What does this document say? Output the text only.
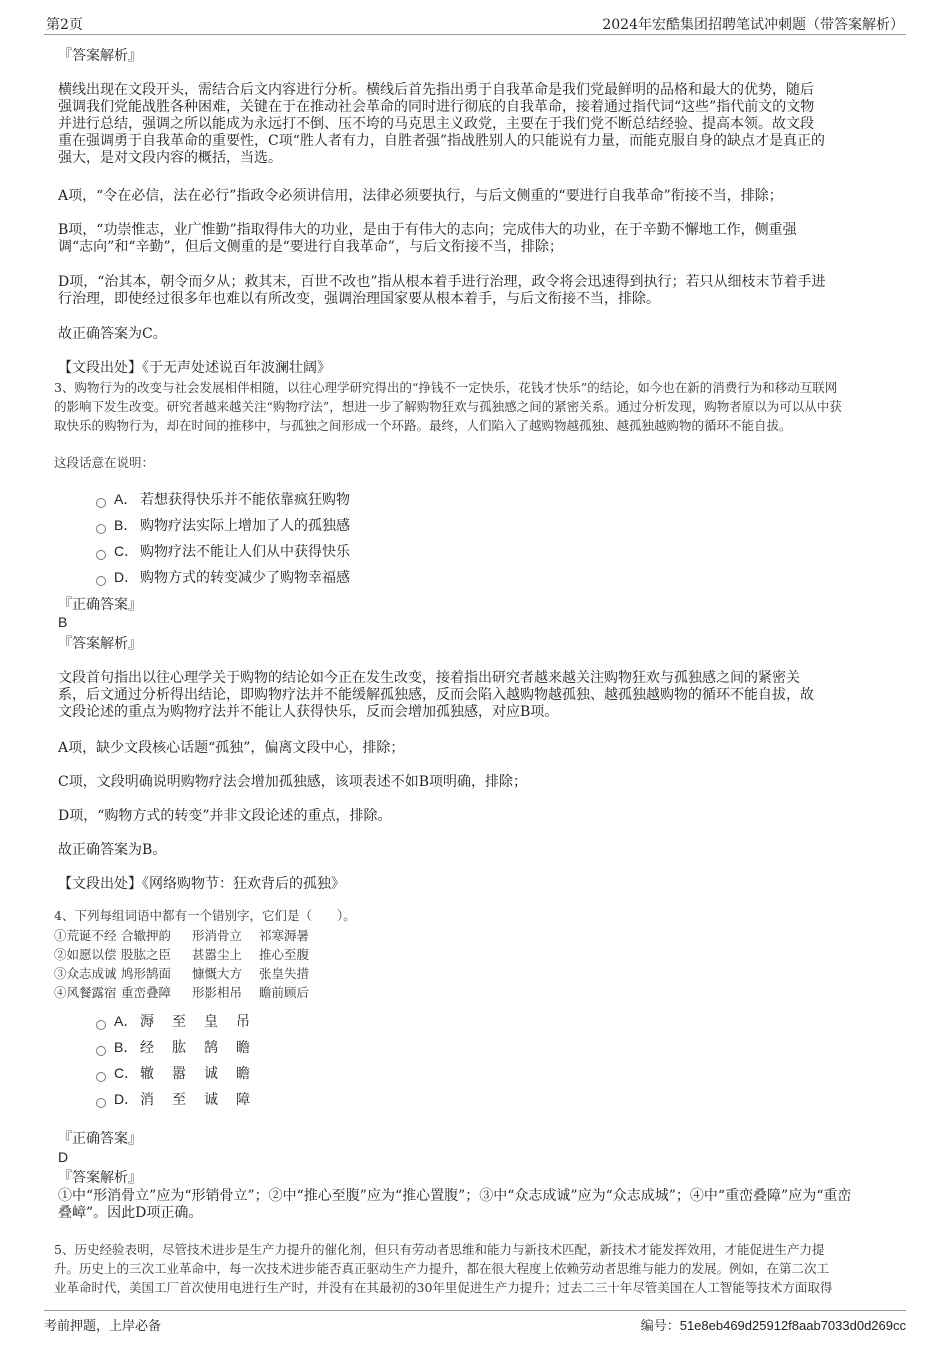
第2页	2024年宏酷集团招聘笔试冲刺题（带答案解析）
『答案解析』
横线出现在文段开头，需结合后文内容进行分析。横线后首先指出勇于自我革命是我们党最鲜明的品格和最大的优势，随后
强调我们党能战胜各种困难，关键在于在推动社会革命的同时进行彻底的自我革命，接着通过指代词“这些”指代前文的文物
并进行总结，强调之所以能成为永远打不倒、压不垮的马克思主义政党，主要在于我们党不断总结经验、提高本领。故文段
重在强调勇于自我革命的重要性，C项“胜人者有力，自胜者强”指战胜别人的只能说有力量，而能克服自身的缺点才是真正的
强大，是对文段内容的概括，当选。
A项，“令在必信，法在必行”指政令必须讲信用，法律必须要执行，与后文侧重的“要进行自我革命”衔接不当，排除；
B项，“功崇惟志，业广惟勤”指取得伟大的功业，是由于有伟大的志向；完成伟大的功业，在于辛勤不懈地工作，侧重强
调“志向”和“辛勤”，但后文侧重的是“要进行自我革命”，与后文衔接不当，排除；
D项，“治其本，朝令而夕从；救其末，百世不改也”指从根本着手进行治理，政令将会迅速得到执行；若只从细枝末节着手进
行治理，即使经过很多年也难以有所改变，强调治理国家要从根本着手，与后文衔接不当，排除。
故正确答案为C。
【文段出处】《于无声处述说百年波澜壮阔》
3、购物行为的改变与社会发展相伴相随，以往心理学研究得出的“挣钱不一定快乐，花钱才快乐”的结论，如今也在新的消费行为和移动互联网
的影响下发生改变。研究者越来越关注“购物疗法”，想进一步了解购物狂欢与孤独感之间的紧密关系。通过分析发现，购物者原以为可以从中获
取快乐的购物行为，却在时间的推移中，与孤独之间形成一个环路。最终，人们陷入了越购物越孤独、越孤独越购物的循环不能自拔。
这段话意在说明：
A． 若想获得快乐并不能依靠疯狂购物
B． 购物疗法实际上增加了人的孤独感
C． 购物疗法不能让人们从中获得快乐
D． 购物方式的转变减少了购物幸福感
『正确答案』
B
『答案解析』
文段首句指出以往心理学关于购物的结论如今正在发生改变，接着指出研究者越来越关注购物狂欢与孤独感之间的紧密关
系，后文通过分析得出结论，即购物疗法并不能缓解孤独感，反而会陷入越购物越孤独、越孤独越购物的循环不能自拔，故
文段论述的重点为购物疗法并不能让人获得快乐，反而会增加孤独感，对应B项。
A项，缺少文段核心话题“孤独”，偏离文段中心，排除；
C项，文段明确说明购物疗法会增加孤独感，该项表述不如B项明确，排除；
D项，“购物方式的转变”并非文段论述的重点，排除。
故正确答案为B。
【文段出处】《网络购物节：狂欢背后的孤独》
4、下列每组词语中都有一个错别字，它们是（　　）。
①荒诞不经 合辙押韵 形消骨立 祁寒溽暑
②如愿以偿 股肱之臣 甚嚣尘上 推心至腹
③众志成诚 鸠形鹄面 慷慨大方 张皇失措
④风餐露宿 重峦叠障 形影相吊 瞻前顾后
A． 溽 至 皇 吊
B． 经 肱 鹄 瞻
C． 辙 嚣 诚 瞻
D． 消 至 诚 障
『正确答案』
D
『答案解析』
①中“形消骨立”应为“形销骨立”；②中“推心至腹”应为“推心置腹”；③中“众志成诚”应为“众志成城”；④中“重峦叠障”应为“重峦
叠嶂”。因此D项正确。
5、历史经验表明，尽管技术进步是生产力提升的催化剂，但只有劳动者思维和能力与新技术匹配，新技术才能发挥效用，才能促进生产力提
升。历史上的三次工业革命中，每一次技术进步能否真正驱动生产力提升，都在很大程度上依赖劳动者思维与能力的发展。例如，在第二次工
业革命时代，美国工厂首次使用电进行生产时，并没有在其最初的30年里促进生产力提升；过去二三十年尽管美国在人工智能等技术方面取得
考前押题，上岸必备	编号：51e8eb469d25912f8aab7033d0d269cc
